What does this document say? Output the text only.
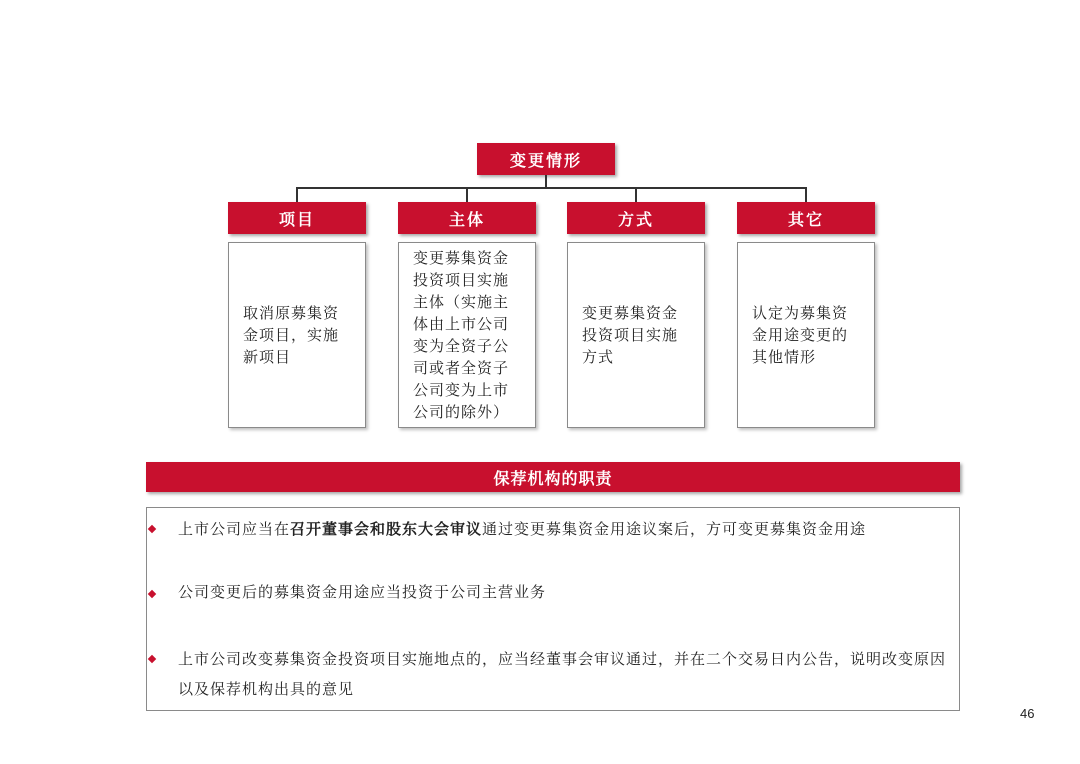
变更情形
项目	主体	方式	其它
取消原募集资金项目，实施新项目
变更募集资金投资项目实施主体（实施主体由上市公司变为全资子公司或者全资子公司变为上市公司的除外）
变更募集资金投资项目实施方式
认定为募集资金用途变更的其他情形
保荐机构的职责
上市公司应当在召开董事会和股东大会审议通过变更募集资金用途议案后，方可变更募集资金用途
公司变更后的募集资金用途应当投资于公司主营业务
上市公司改变募集资金投资项目实施地点的，应当经董事会审议通过，并在二个交易日内公告，说明改变原因以及保荐机构出具的意见
46
